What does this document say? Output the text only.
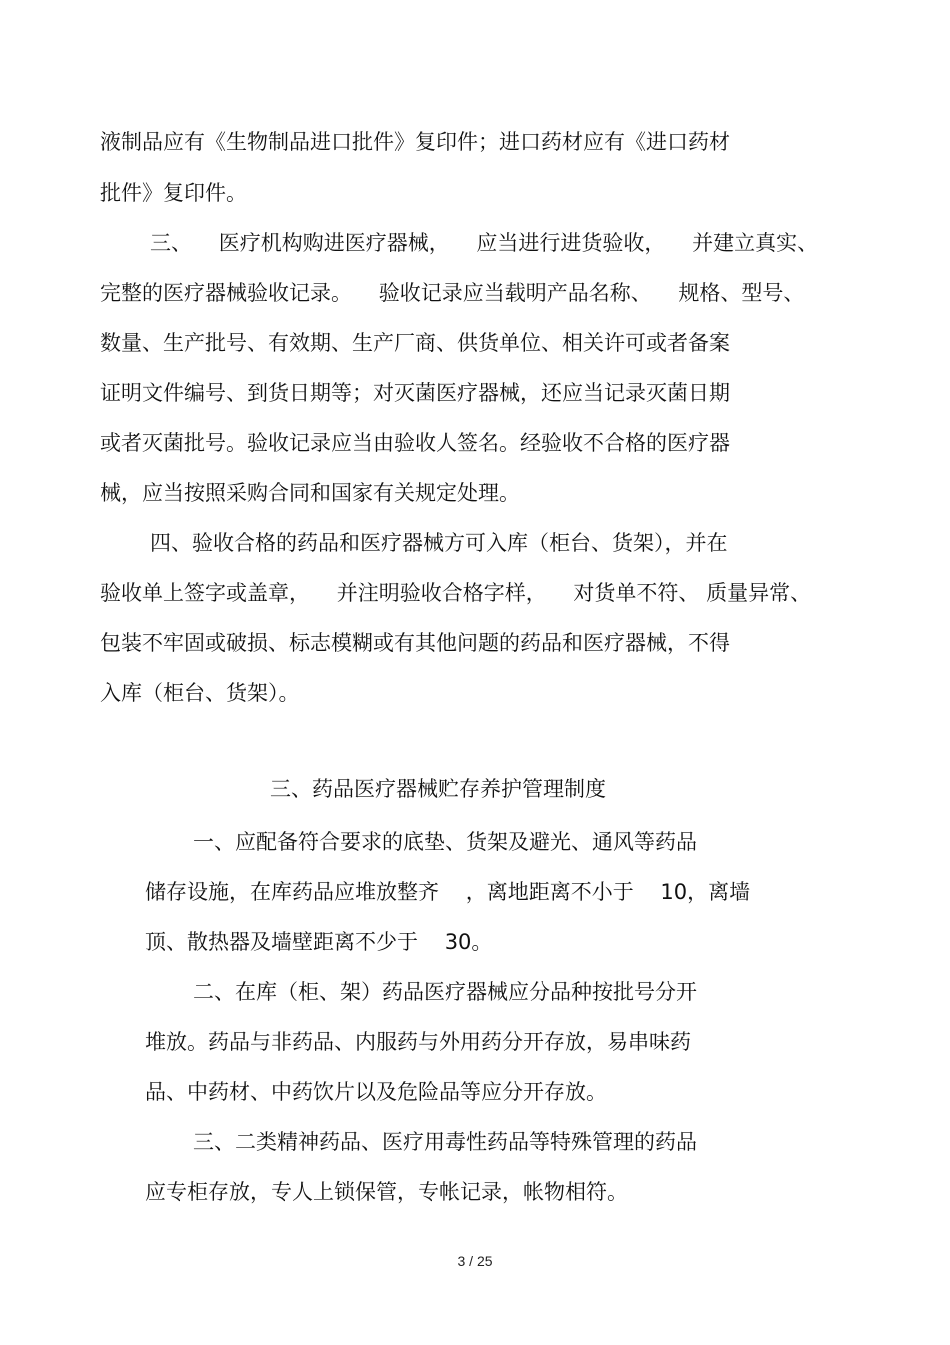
液制品应有《生物制品进口批件》复印件；进口药材应有《进口药材
批件》复印件。
三、    医疗机构购进医疗器械，    应当进行进货验收，    并建立真实、
完整的医疗器械验收记录。    验收记录应当载明产品名称、    规格、型号、
数量、生产批号、有效期、生产厂商、供货单位、相关许可或者备案
证明文件编号、到货日期等；对灭菌医疗器械，还应当记录灭菌日期
或者灭菌批号。验收记录应当由验收人签名。经验收不合格的医疗器
械，应当按照采购合同和国家有关规定处理。
四、验收合格的药品和医疗器械方可入库（柜台、货架），并在
验收单上签字或盖章，    并注明验收合格字样，    对货单不符、 质量异常、
包装不牢固或破损、标志模糊或有其他问题的药品和医疗器械，不得
入库（柜台、货架）。
三、药品医疗器械贮存养护管理制度
一、应配备符合要求的底垫、货架及避光、通风等药品
储存设施，在库药品应堆放整齐    ，离地距离不小于    10，离墙
顶、散热器及墙壁距离不少于    30。
二、在库（柜、架）药品医疗器械应分品种按批号分开
堆放。药品与非药品、内服药与外用药分开存放，易串味药
品、中药材、中药饮片以及危险品等应分开存放。
三、二类精神药品、医疗用毒性药品等特殊管理的药品
应专柜存放，专人上锁保管，专帐记录，帐物相符。
3 / 25
